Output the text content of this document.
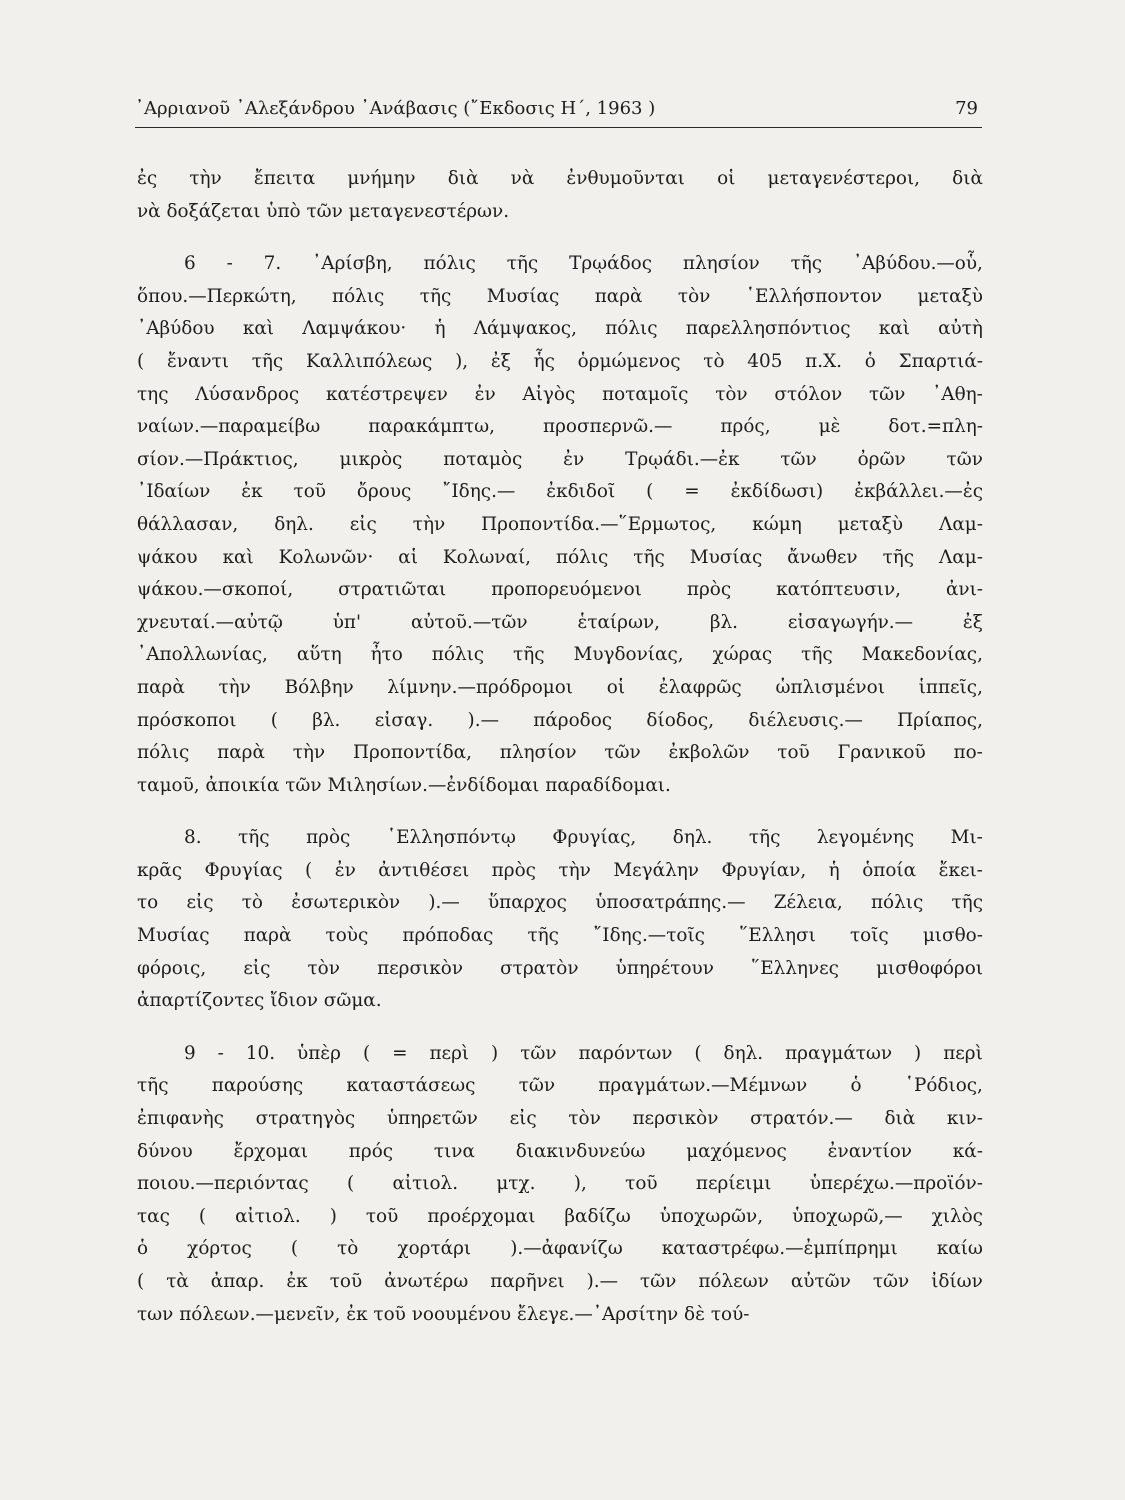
᾿Αρριανοῦ ᾿Αλεξάνδρου ᾿Ανάβασις (῎Εκδοσις Η΄, 1963 )	79
ἐς τὴν ἔπειτα μνήμην διὰ νὰ ἐνθυμοῦνται οἱ μεταγενέστεροι, διὰ
νὰ δοξάζεται ὑπὸ τῶν μεταγενεστέρων.
6 - 7. ᾿Αρίσβη, πόλις τῆς Τρῳάδος πλησίον τῆς ᾿Αβύδου.—οὗ,
ὅπου.—Περκώτη, πόλις τῆς Μυσίας παρὰ τὸν ῾Ελλήσποντον μεταξὺ
᾿Αβύδου καὶ Λαμψάκου· ἡ Λάμψακος, πόλις παρελλησπόντιος καὶ αὐτὴ
( ἔναντι τῆς Καλλιπόλεως ), ἐξ ἧς ὁρμώμενος τὸ 405 π.Χ. ὁ Σπαρτιά-
της Λύσανδρος κατέστρεψεν ἐν Αἰγὸς ποταμοῖς τὸν στόλον τῶν ᾿Αθη-
ναίων.—παραμείβω	παρακάμπτω,	προσπερνῶ.—	πρός,	μὲ	δοτ.=πλη-
σίον.—Πράκτιος, μικρὸς ποταμὸς ἐν Τρῳάδι.—ἐκ τῶν ὀρῶν τῶν
᾿Ιδαίων ἐκ τοῦ ὄρους ῎Ιδης.— ἐκδιδοῖ ( = ἐκδίδωσι) ἐκβάλλει.—ἐς
θάλλασαν, δηλ. εἰς τὴν Προποντίδα.—῞Ερμωτος, κώμη μεταξὺ Λαμ-
ψάκου καὶ Κολωνῶν· αἱ Κολωναί, πόλις τῆς Μυσίας ἄνωθεν τῆς Λαμ-
ψάκου.—σκοποί, στρατιῶται προπορευόμενοι πρὸς κατόπτευσιν, ἀνι-
χνευταί.—αὐτῷ	ὑπ'	αὐτοῦ.—τῶν	ἑταίρων,	βλ.	εἰσαγωγήν.—	ἐξ
᾿Απολλωνίας, αὕτη ἦτο πόλις τῆς Μυγδονίας, χώρας τῆς Μακεδονίας,
παρὰ τὴν Βόλβην λίμνην.—πρόδρομοι οἱ ἐλαφρῶς ὡπλισμένοι ἱππεῖς,
πρόσκοποι ( βλ. εἰσαγ. ).— πάροδος δίοδος, διέλευσις.— Πρίαπος,
πόλις παρὰ τὴν Προποντίδα, πλησίον τῶν ἐκβολῶν τοῦ Γρανικοῦ πο-
ταμοῦ, ἀποικία τῶν Μιλησίων.—ἐνδίδομαι παραδίδομαι.
8. τῆς πρὸς ῾Ελλησπόντῳ Φρυγίας, δηλ. τῆς λεγομένης Μι-
κρᾶς Φρυγίας ( ἐν ἀντιθέσει πρὸς τὴν Μεγάλην Φρυγίαν, ἡ ὁποία ἔκει-
το εἰς τὸ ἐσωτερικὸν ).— ὕπαρχος ὑποσατράπης.— Ζέλεια, πόλις τῆς
Μυσίας παρὰ τοὺς πρόποδας τῆς ῎Ιδης.—τοῖς ῞Ελλησι τοῖς μισθο-
φόροις, εἰς τὸν περσικὸν στρατὸν ὑπηρέτουν ῞Ελληνες μισθοφόροι
ἀπαρτίζοντες ἴδιον σῶμα.
9 - 10. ὑπὲρ ( = περὶ ) τῶν παρόντων ( δηλ. πραγμάτων ) περὶ
τῆς παρούσης καταστάσεως τῶν πραγμάτων.—Μέμνων ὁ ῾Ρόδιος,
ἐπιφανὴς στρατηγὸς ὑπηρετῶν εἰς τὸν περσικὸν στρατόν.— διὰ κιν-
δύνου ἔρχομαι πρός τινα διακινδυνεύω μαχόμενος ἐναντίον κά-
ποιου.—περιόντας ( αἰτιολ. μτχ. ), τοῦ περίειμι ὑπερέχω.—προϊόν-
τας ( αἰτιολ. ) τοῦ προέρχομαι βαδίζω ὑποχωρῶν, ὑποχωρῶ,— χιλὸς
ὁ χόρτος ( τὸ χορτάρι ).—ἀφανίζω καταστρέφω.—ἐμπίπρημι καίω
( τὰ ἀπαρ. ἐκ τοῦ ἀνωτέρω παρῆνει ).— τῶν πόλεων αὐτῶν τῶν ἰδίων
των πόλεων.—μενεῖν, ἐκ τοῦ νοουμένου ἔλεγε.—᾿Αρσίτην δὲ τού-
